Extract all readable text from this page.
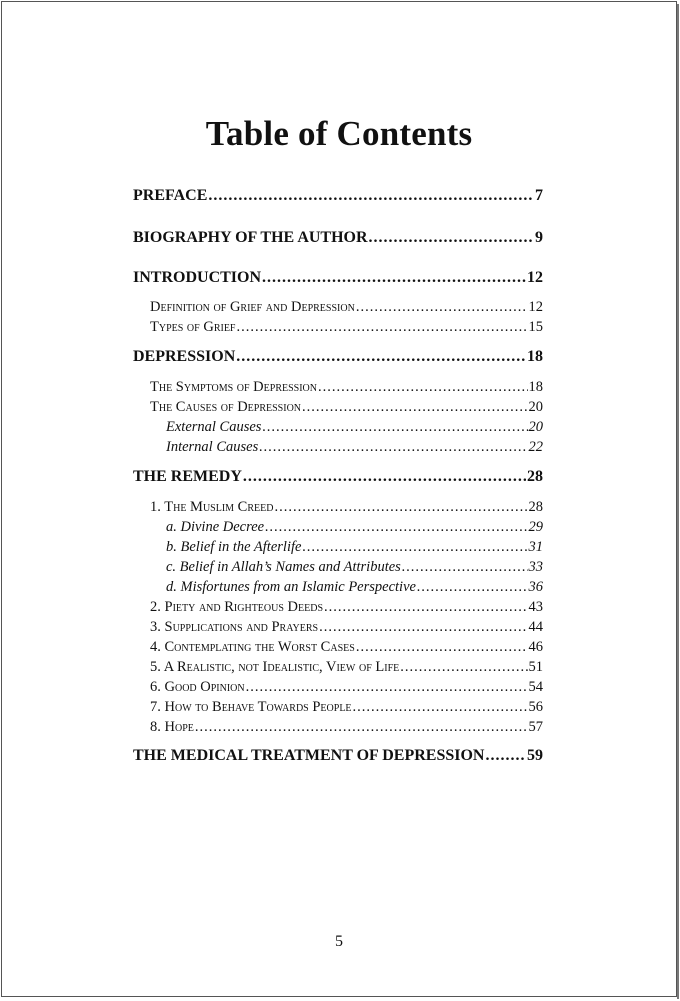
Table of Contents
PREFACE .....	7
BIOGRAPHY OF THE AUTHOR .....	9
INTRODUCTION .....	12
Definition of Grief and Depression .....	12
Types of Grief .....	15
DEPRESSION .....	18
The Symptoms of Depression .....	18
The Causes of Depression .....	20
External Causes .....	20
Internal Causes .....	22
THE REMEDY .....	28
1. The Muslim Creed .....	28
a. Divine Decree .....	29
b. Belief in the Afterlife .....	31
c. Belief in Allah’s Names and Attributes .....	33
d. Misfortunes from an Islamic Perspective .....	36
2. Piety and Righteous Deeds .....	43
3. Supplications and Prayers .....	44
4. Contemplating the Worst Cases .....	46
5. A Realistic, not Idealistic, View of Life .....	51
6. Good Opinion .....	54
7. How to Behave Towards People .....	56
8. Hope .....	57
THE MEDICAL TREATMENT OF DEPRESSION .....	59
5
